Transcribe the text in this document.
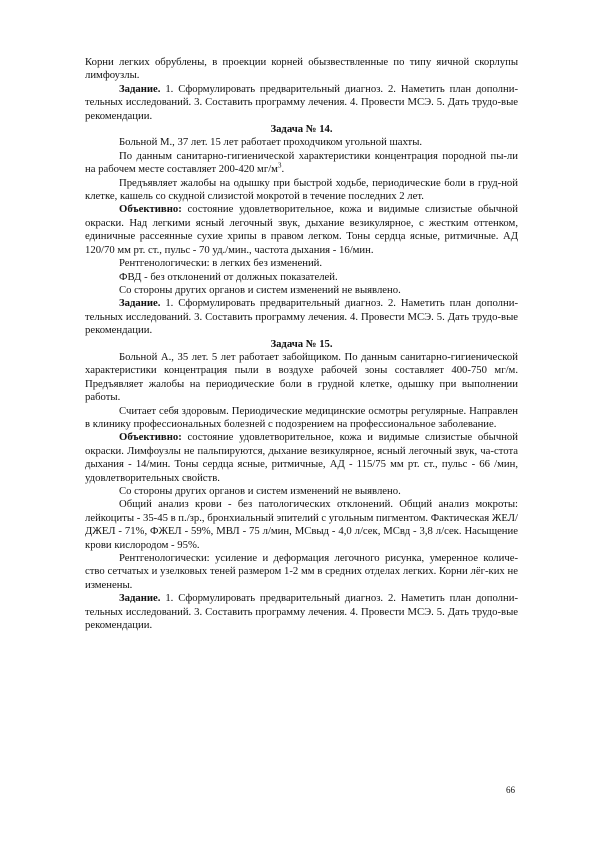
Корни легких обрублены, в проекции корней обызвествленные по типу яичной скорлупы лимфоузлы.

Задание. 1. Сформулировать предварительный диагноз. 2. Наметить план дополни-тельных исследований. 3. Составить программу лечения. 4. Провести МСЭ. 5. Дать трудо-вые рекомендации.

Задача № 14.

Больной М., 37 лет. 15 лет работает проходчиком угольной шахты.

По данным санитарно-гигиенической характеристики концентрация породной пы-ли на рабочем месте составляет 200-420 $мг/м^3$.

Предъявляет жалобы на одышку при быстрой ходьбе, периодические боли в груд-ной клетке, кашель со скудной слизистой мокротой в течение последних 2 лет.

Объективно: состояние удовлетворительное, кожа и видимые слизистые обычной окраски. Над легкими ясный легочный звук, дыхание везикулярное, с жестким оттенком, единичные рассеянные сухие хрипы в правом легком. Тоны сердца ясные, ритмичные. АД 120/70 мм рт. ст., пульс - 70 уд./мин., частота дыхания - 16/мин.

Рентгенологически: в легких без изменений.

ФВД - без отклонений от должных показателей.

Со стороны других органов и систем изменений не выявлено.

Задание. 1. Сформулировать предварительный диагноз. 2. Наметить план дополни-тельных исследований. 3. Составить программу лечения. 4. Провести МСЭ. 5. Дать трудо-вые рекомендации.

Задача № 15.

Больной А., 35 лет. 5 лет работает забойщиком. По данным санитарно-гигиенической характеристики концентрация пыли в воздухе рабочей зоны составляет 400-750 мг/м. Предъявляет жалобы на периодические боли в грудной клетке, одышку при выполнении работы.

Считает себя здоровым. Периодические медицинские осмотры регулярные. Направлен в клинику профессиональных болезней с подозрением на профессиональное заболевание.

Объективно: состояние удовлетворительное, кожа и видимые слизистые обычной окраски. Лимфоузлы не пальпируются, дыхание везикулярное, ясный легочный звук, ча-стота дыхания - 14/мин. Тоны сердца ясные, ритмичные, АД - 115/75 мм рт. ст., пульс - 66 /мин, удовлетворительных свойств.

Со стороны других органов и систем изменений не выявлено.

Общий анализ крови - без патологических отклонений. Общий анализ мокроты: лейкоциты - 35-45 в п./зр., бронхиальный эпителий с угольным пигментом. Фактическая ЖЕЛ/ДЖЕЛ - 71%, ФЖЕЛ - 59%, МВЛ - 75 л/мин, МСвыд - 4,0 л/сек, МСвд - 3,8 л/сек. Насыщение крови кислородом - 95%.

Рентгенологически: усиление и деформация легочного рисунка, умеренное количе-ство сетчатых и узелковых теней размером 1-2 мм в средних отделах легких. Корни лёг-ких не изменены.

Задание. 1. Сформулировать предварительный диагноз. 2. Наметить план дополни-тельных исследований. 3. Составить программу лечения. 4. Провести МСЭ. 5. Дать трудо-вые рекомендации.

66
